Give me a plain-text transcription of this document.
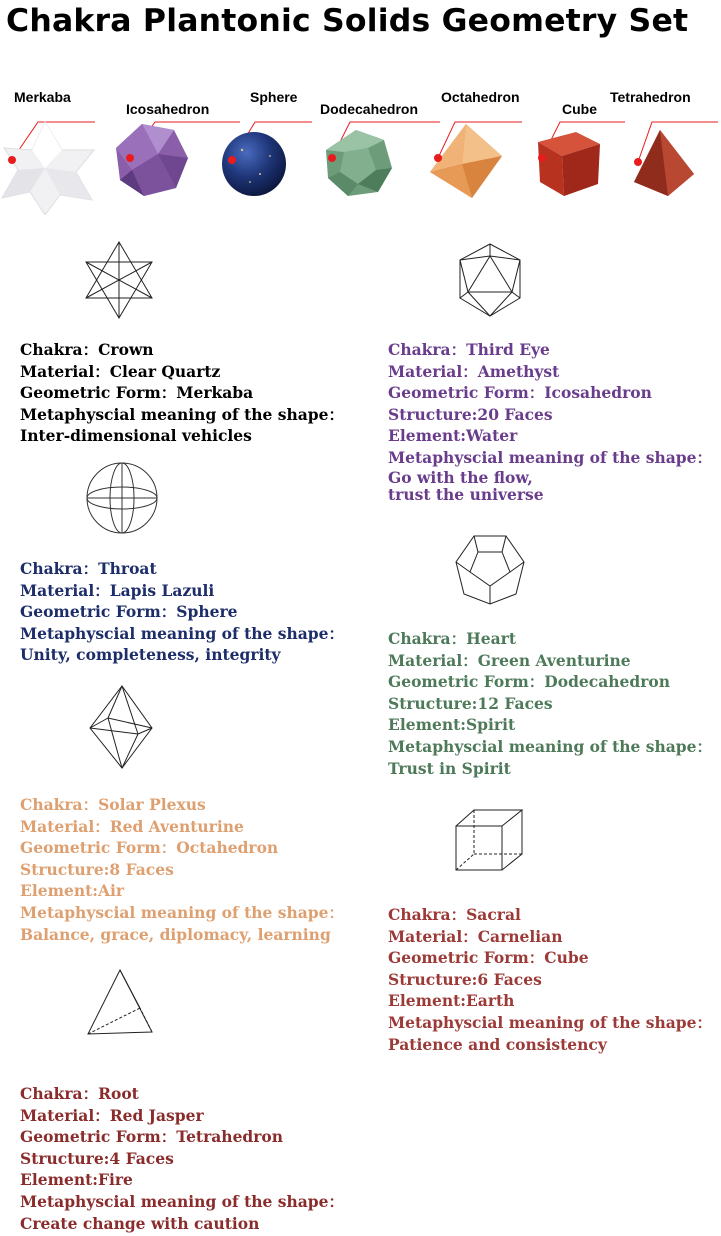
Chakra Plantonic Solids Geometry Set
Merkaba
Icosahedron
Sphere
Dodecahedron
Octahedron
Cube
Tetrahedron
Chakra：Crown
Material：Clear Quartz
Geometric Form：Merkaba
Metaphyscial meaning of the shape：
Inter-dimensional vehicles
Chakra：Third Eye
Material：Amethyst
Geometric Form：Icosahedron
Structure:20 Faces
Element:Water
Metaphyscial meaning of the shape：
Go with the flow,
trust the universe
Chakra：Throat
Material：Lapis Lazuli
Geometric Form：Sphere
Metaphyscial meaning of the shape：
Unity, completeness, integrity
Chakra：Heart
Material：Green Aventurine
Geometric Form：Dodecahedron
Structure:12 Faces
Element:Spirit
Metaphyscial meaning of the shape：
Trust in Spirit
Chakra：Solar Plexus
Material：Red Aventurine
Geometric Form：Octahedron
Structure:8 Faces
Element:Air
Metaphyscial meaning of the shape：
Balance, grace, diplomacy, learning
Chakra：Sacral
Material：Carnelian
Geometric Form：Cube
Structure:6 Faces
Element:Earth
Metaphyscial meaning of the shape：
Patience and consistency
Chakra：Root
Material：Red Jasper
Geometric Form：Tetrahedron
Structure:4 Faces
Element:Fire
Metaphyscial meaning of the shape：
Create change with caution
